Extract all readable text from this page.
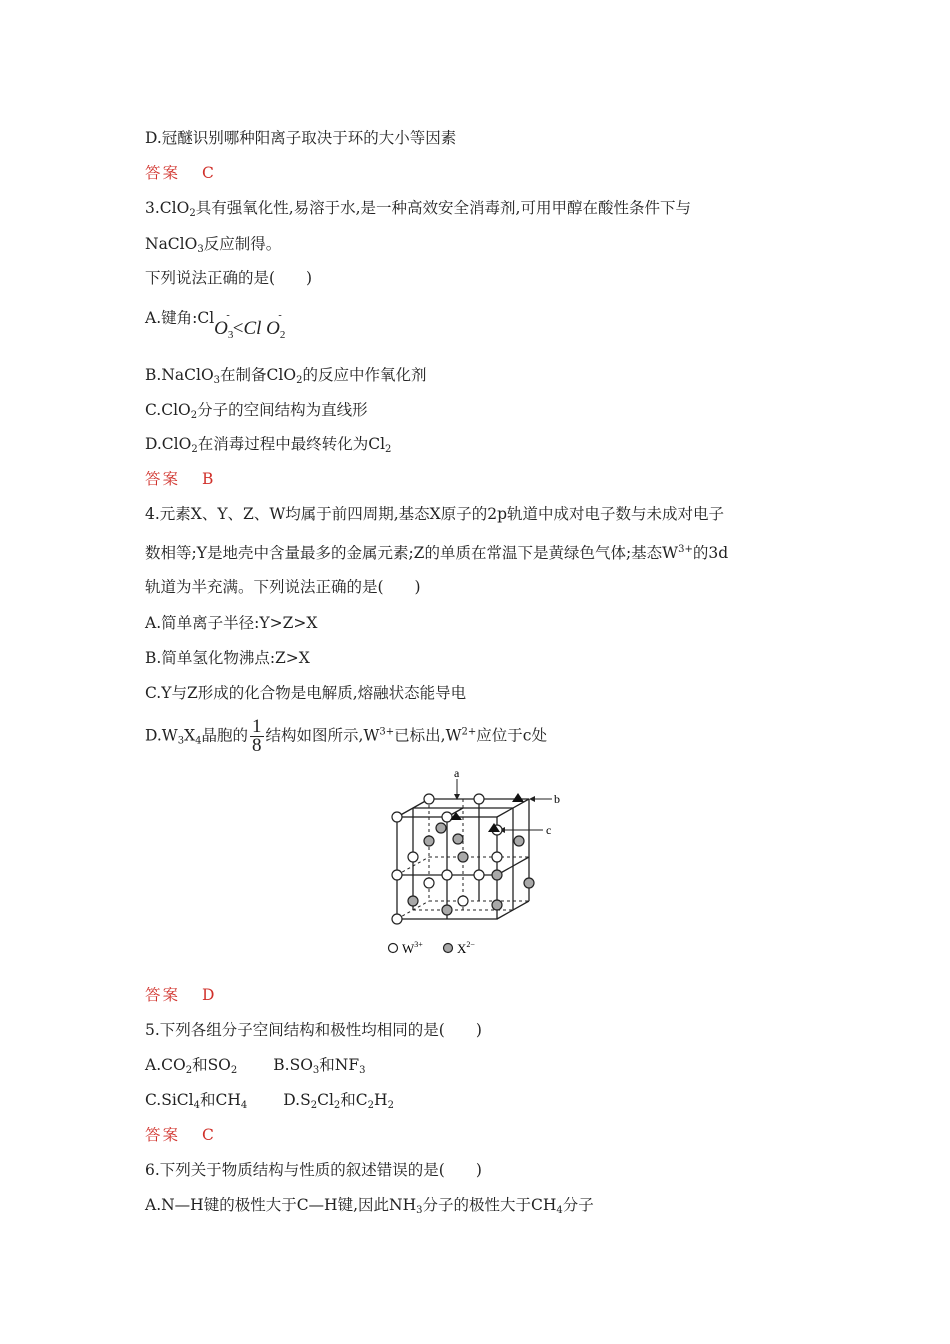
D.冠醚识别哪种阳离子取决于环的大小等因素
答案 C
3.ClO$_2$具有强氧化性,易溶于水,是一种高效安全消毒剂,可用甲醇在酸性条件下与
NaClO$_3$反应制得。
下列说法正确的是(　　)
A.键角:ClO$_3$-<Cl $O_2^-$
B.NaClO$_3$在制备ClO$_2$的反应中作氧化剂
C.ClO$_2$分子的空间结构为直线形
D.ClO$_2$在消毒过程中最终转化为$Cl_2$
答案 B
4.元素X、Y、Z、W均属于前四周期,基态X原子的2p轨道中成对电子数与未成对电子
数相等;Y是地壳中含量最多的金属元素;Z的单质在常温下是黄绿色气体;基态$W^{3+}$的3d
轨道为半充满。下列说法正确的是(　　)
A.简单离子半径:Y>Z>X
B.简单氢化物沸点:Z>X
C.Y与Z形成的化合物是电解质,熔融状态能导电
$D.W_3X_4$晶胞的 $\frac{1}{8}$ 结构如图所示$,W^{3+}$已标出$,W^{2+}$应位于c处
a
b
c
$W^{3+}$	$X^{2-}$
答案 D
5.下列各组分子空间结构和极性均相同的是(　　)
$A.CO_2$和$SO_2$ $B.SO_3$和$NF_3$
C.SiCl$_4$和$CH_4$ $D.S_2Cl_2$和$C_2H_2$
答案 C
6.下列关于物质结构与性质的叙述错误的是(　　)
A.N—H键的极性大于C—H键,因此$NH_3$分子的极性大于$CH_4$分子
